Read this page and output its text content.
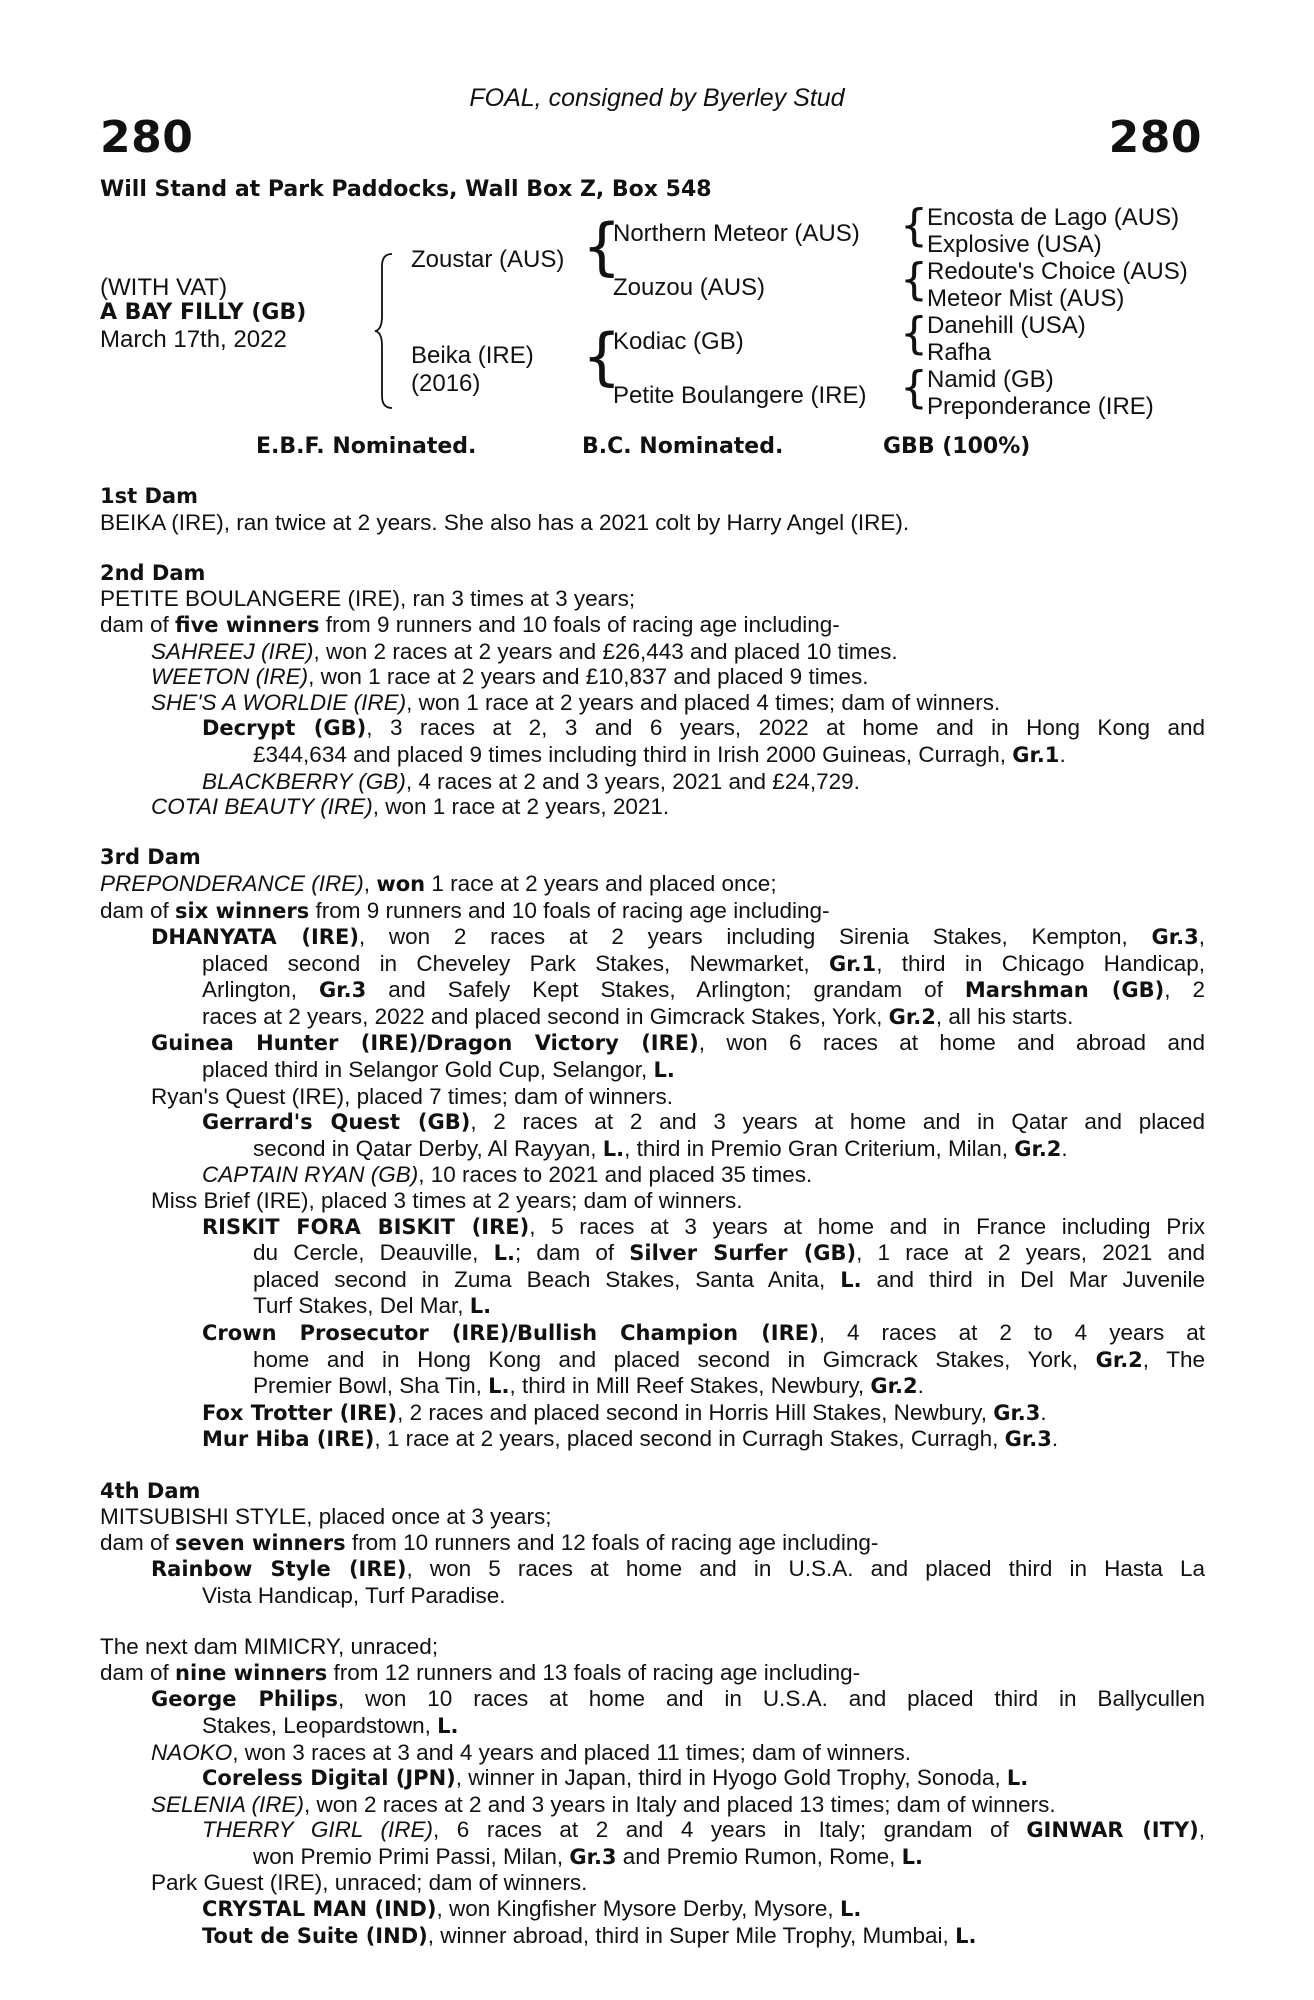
FOAL, consigned by Byerley Stud
280	280
Will Stand at Park Paddocks, Wall Box Z, Box 548
(WITH VAT)
A BAY FILLY (GB)
March 17th, 2022
Zoustar (AUS)
Beika (IRE)
(2016)
{
{
Northern Meteor (AUS)
Zouzou (AUS)
Kodiac (GB)
Petite Boulangere (IRE)
{
{
{
{
Encosta de Lago (AUS)
Explosive (USA)
Redoute's Choice (AUS)
Meteor Mist (AUS)
Danehill (USA)
Rafha
Namid (GB)
Preponderance (IRE)
E.B.F. Nominated.	B.C. Nominated.	GBB (100%)
1st Dam
BEIKA (IRE), ran twice at 2 years. She also has a 2021 colt by Harry Angel (IRE).
2nd Dam
PETITE BOULANGERE (IRE), ran 3 times at 3 years;
dam of five winners from 9 runners and 10 foals of racing age including-
SAHREEJ (IRE), won 2 races at 2 years and £26,443 and placed 10 times.
WEETON (IRE), won 1 race at 2 years and £10,837 and placed 9 times.
SHE'S A WORLDIE (IRE), won 1 race at 2 years and placed 4 times; dam of winners.
Decrypt (GB), 3 races at 2, 3 and 6 years, 2022 at home and in Hong Kong and
£344,634 and placed 9 times including third in Irish 2000 Guineas, Curragh, Gr.1.
BLACKBERRY (GB), 4 races at 2 and 3 years, 2021 and £24,729.
COTAI BEAUTY (IRE), won 1 race at 2 years, 2021.
3rd Dam
PREPONDERANCE (IRE), won 1 race at 2 years and placed once;
dam of six winners from 9 runners and 10 foals of racing age including-
DHANYATA (IRE), won 2 races at 2 years including Sirenia Stakes, Kempton, Gr.3,
placed second in Cheveley Park Stakes, Newmarket, Gr.1, third in Chicago Handicap,
Arlington, Gr.3 and Safely Kept Stakes, Arlington; grandam of Marshman (GB), 2
races at 2 years, 2022 and placed second in Gimcrack Stakes, York, Gr.2, all his starts.
Guinea Hunter (IRE)/Dragon Victory (IRE), won 6 races at home and abroad and
placed third in Selangor Gold Cup, Selangor, L.
Ryan's Quest (IRE), placed 7 times; dam of winners.
Gerrard's Quest (GB), 2 races at 2 and 3 years at home and in Qatar and placed
second in Qatar Derby, Al Rayyan, L., third in Premio Gran Criterium, Milan, Gr.2.
CAPTAIN RYAN (GB), 10 races to 2021 and placed 35 times.
Miss Brief (IRE), placed 3 times at 2 years; dam of winners.
RISKIT FORA BISKIT (IRE), 5 races at 3 years at home and in France including Prix
du Cercle, Deauville, L.; dam of Silver Surfer (GB), 1 race at 2 years, 2021 and
placed second in Zuma Beach Stakes, Santa Anita, L. and third in Del Mar Juvenile
Turf Stakes, Del Mar, L.
Crown Prosecutor (IRE)/Bullish Champion (IRE), 4 races at 2 to 4 years at
home and in Hong Kong and placed second in Gimcrack Stakes, York, Gr.2, The
Premier Bowl, Sha Tin, L., third in Mill Reef Stakes, Newbury, Gr.2.
Fox Trotter (IRE), 2 races and placed second in Horris Hill Stakes, Newbury, Gr.3.
Mur Hiba (IRE), 1 race at 2 years, placed second in Curragh Stakes, Curragh, Gr.3.
4th Dam
MITSUBISHI STYLE, placed once at 3 years;
dam of seven winners from 10 runners and 12 foals of racing age including-
Rainbow Style (IRE), won 5 races at home and in U.S.A. and placed third in Hasta La
Vista Handicap, Turf Paradise.
The next dam MIMICRY, unraced;
dam of nine winners from 12 runners and 13 foals of racing age including-
George Philips, won 10 races at home and in U.S.A. and placed third in Ballycullen
Stakes, Leopardstown, L.
NAOKO, won 3 races at 3 and 4 years and placed 11 times; dam of winners.
Coreless Digital (JPN), winner in Japan, third in Hyogo Gold Trophy, Sonoda, L.
SELENIA (IRE), won 2 races at 2 and 3 years in Italy and placed 13 times; dam of winners.
THERRY GIRL (IRE), 6 races at 2 and 4 years in Italy; grandam of GINWAR (ITY),
won Premio Primi Passi, Milan, Gr.3 and Premio Rumon, Rome, L.
Park Guest (IRE), unraced; dam of winners.
CRYSTAL MAN (IND), won Kingfisher Mysore Derby, Mysore, L.
Tout de Suite (IND), winner abroad, third in Super Mile Trophy, Mumbai, L.
